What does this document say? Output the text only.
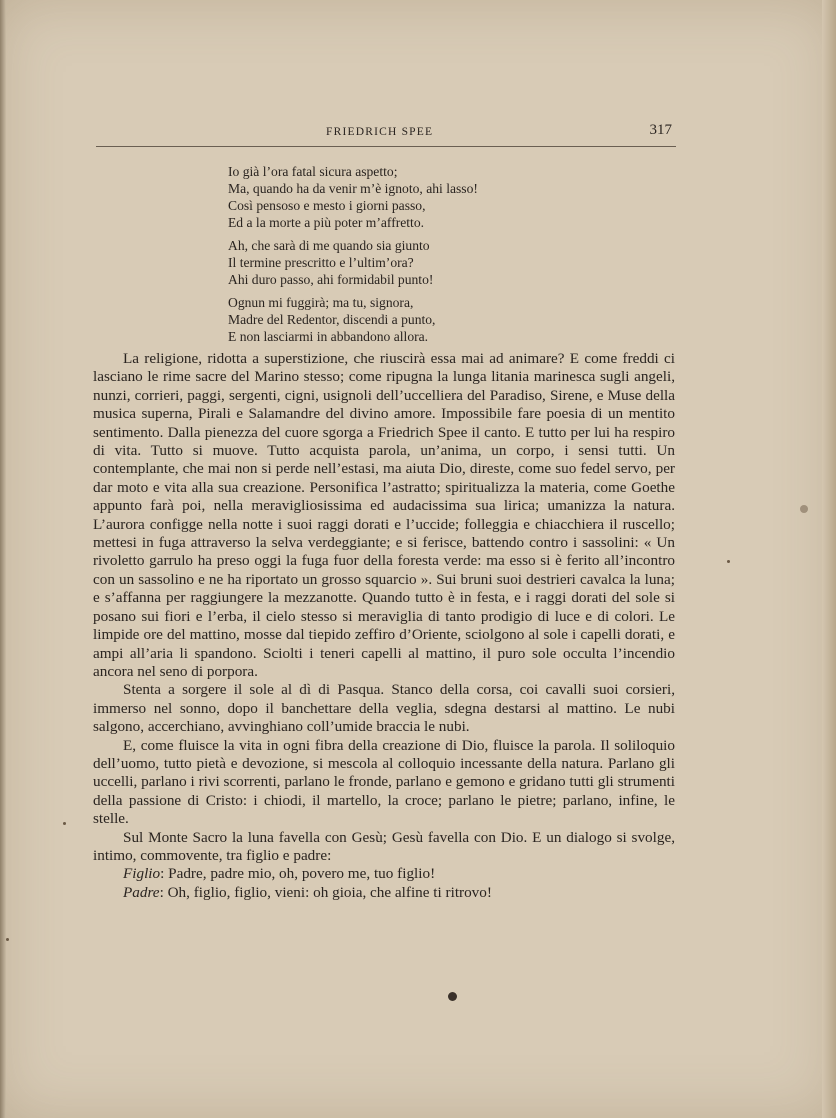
FRIEDRICH SPEE	317
Io già l’ora fatal sicura aspetto;
Ma, quando ha da venir m’è ignoto, ahi lasso!
Così pensoso e mesto i giorni passo,
Ed a la morte a più poter m’affretto.
Ah, che sarà di me quando sia giunto
Il termine prescritto e l’ultim’ora?
Ahi duro passo, ahi formidabil punto!
Ognun mi fuggirà; ma tu, signora,
Madre del Redentor, discendi a punto,
E non lasciarmi in abbandono allora.

La religione, ridotta a superstizione, che riuscirà essa mai ad animare? E come freddi ci lasciano le rime sacre del Marino stesso; come ripugna la lunga litania marinesca sugli angeli, nunzi, corrieri, paggi, sergenti, cigni, usignoli dell’uccelliera del Paradiso, Sirene, e Muse della musica superna, Pirali e Salamandre del divino amore. Impossibile fare poesia di un mentito sentimento. Dalla pienezza del cuore sgorga a Friedrich Spee il canto. E tutto per lui ha respiro di vita. Tutto si muove. Tutto acquista parola, un’anima, un corpo, i sensi tutti. Un contemplante, che mai non si perde nell’estasi, ma aiuta Dio, direste, come suo fedel servo, per dar moto e vita alla sua creazione. Personifica l’astratto; spiritualizza la materia, come Goethe appunto farà poi, nella meravigliosissima ed audacissima sua lirica; umanizza la natura. L’aurora configge nella notte i suoi raggi dorati e l’uccide; folleggia e chiacchiera il ruscello; mettesi in fuga attraverso la selva verdeggiante; e si ferisce, battendo contro i sassolini: « Un rivoletto garrulo ha preso oggi la fuga fuor della foresta verde: ma esso si è ferito all’incontro con un sassolino e ne ha riportato un grosso squarcio ». Sui bruni suoi destrieri cavalca la luna; e s’affanna per raggiungere la mezzanotte. Quando tutto è in festa, e i raggi dorati del sole si posano sui fiori e l’erba, il cielo stesso si meraviglia di tanto prodigio di luce e di colori. Le limpide ore del mattino, mosse dal tiepido zeffiro d’Oriente, sciolgono al sole i capelli dorati, e ampi all’aria li spandono. Sciolti i teneri capelli al mattino, il puro sole occulta l’incendio ancora nel seno di porpora.

Stenta a sorgere il sole al dì di Pasqua. Stanco della corsa, coi cavalli suoi corsieri, immerso nel sonno, dopo il banchettare della veglia, sdegna destarsi al mattino. Le nubi salgono, accerchiano, avvinghiano coll’umide braccia le nubi.

E, come fluisce la vita in ogni fibra della creazione di Dio, fluisce la parola. Il soliloquio dell’uomo, tutto pietà e devozione, si mescola al colloquio incessante della natura. Parlano gli uccelli, parlano i rivi scorrenti, parlano le fronde, parlano e gemono e gridano tutti gli strumenti della passione di Cristo: i chiodi, il martello, la croce; parlano le pietre; parlano, infine, le stelle.

Sul Monte Sacro la luna favella con Gesù; Gesù favella con Dio. E un dialogo si svolge, intimo, commovente, tra figlio e padre:

Figlio: Padre, padre mio, oh, povero me, tuo figlio!
Padre: Oh, figlio, figlio, vieni: oh gioia, che alfine ti ritrovo!
